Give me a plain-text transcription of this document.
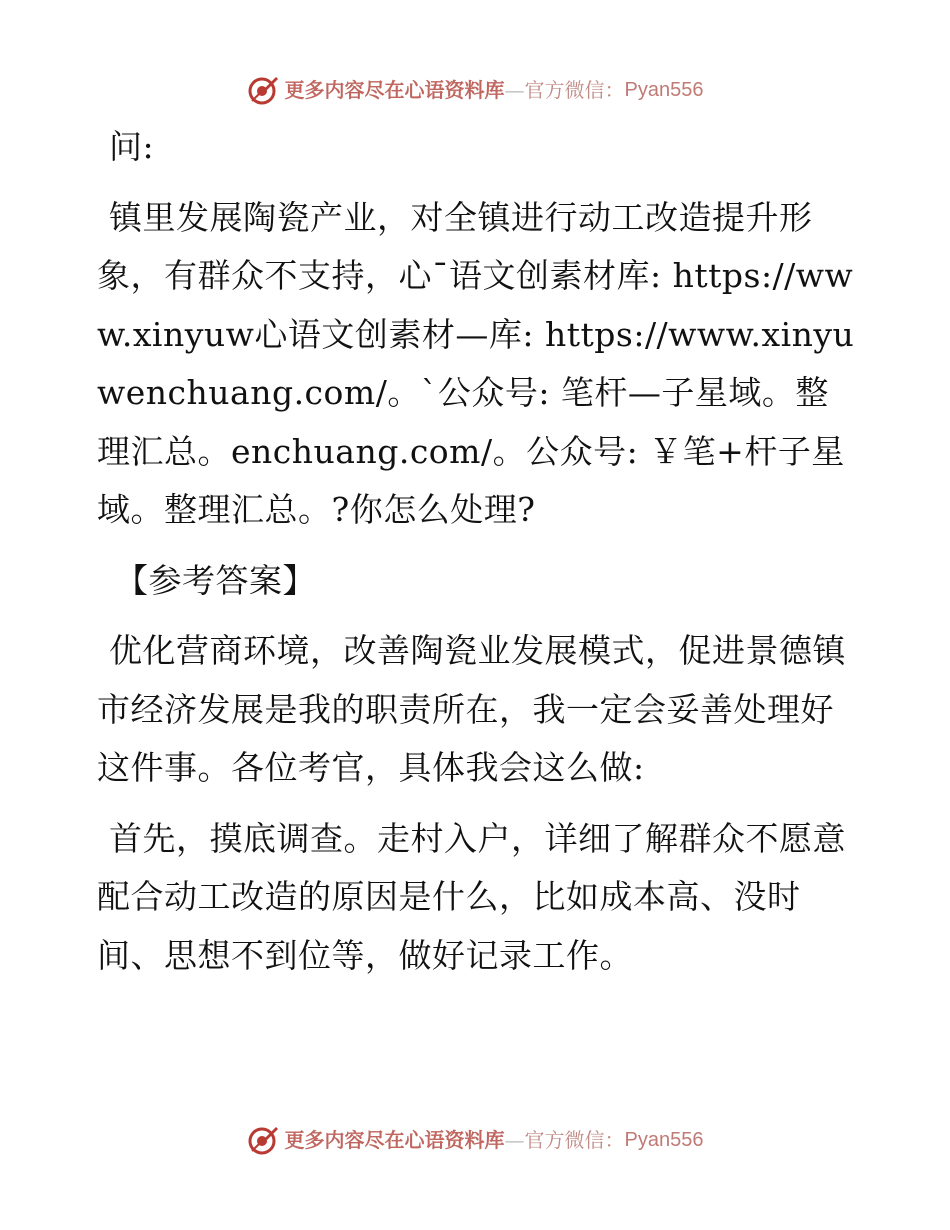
更多内容尽在心语资料库 — 官方微信： Pyan556

问:

镇里发展陶瓷产业，对全镇进行动工改造提升形象，有群众不支持，心¯语文创素材库: https://www.xinyuw心语文创素材—库: https://www.xinyuwenchuang.com/。`公众号: 笔杆—子星域。整理汇总。enchuang.com/。公众号: ￥笔+杆子星域。整理汇总。?你怎么处理?

【参考答案】

优化营商环境，改善陶瓷业发展模式，促进景德镇市经济发展是我的职责所在，我一定会妥善处理好这件事。各位考官，具体我会这么做:

首先，摸底调查。走村入户，详细了解群众不愿意配合动工改造的原因是什么，比如成本高、没时间、思想不到位等，做好记录工作。

更多内容尽在心语资料库 — 官方微信： Pyan556
